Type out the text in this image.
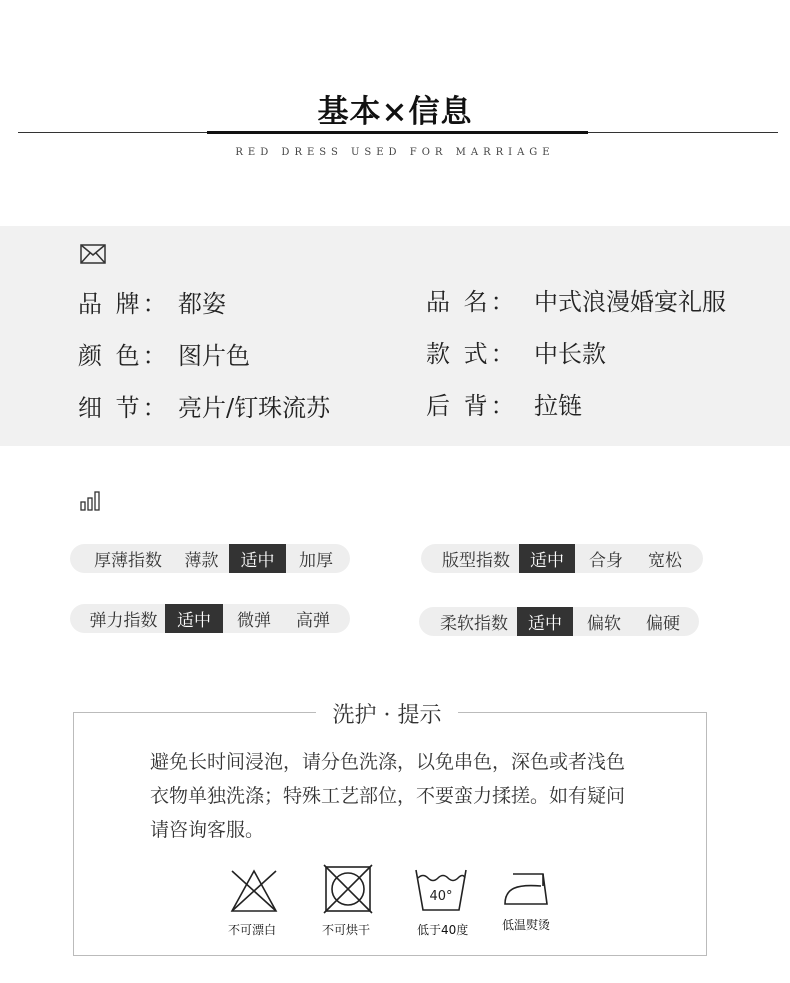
基本×信息
RED DRESS USED FOR MARRIAGE
品 牌： 都姿	品 名： 中式浪漫婚宴礼服
颜 色： 图片色	款 式： 中长款
细 节： 亮片/钉珠流苏	后 背： 拉链
厚薄指数	薄款	适中	加厚	版型指数	适中	合身	宽松
弹力指数	适中	微弹	高弹	柔软指数	适中	偏软	偏硬
洗护 · 提示
避免长时间浸泡，请分色洗涤，以免串色，深色或者浅色
衣物单独洗涤；特殊工艺部位，不要蛮力揉搓。如有疑问
请咨询客服。
不可漂白	不可烘干
40°
低于40度	低温熨烫
